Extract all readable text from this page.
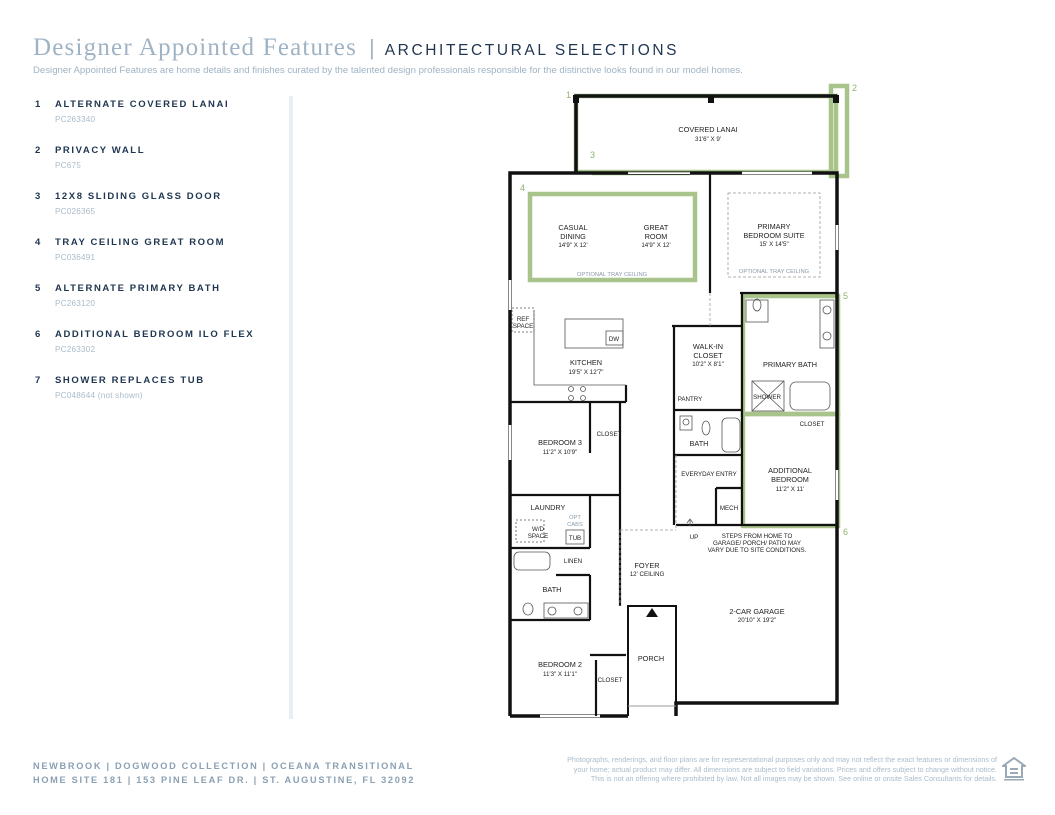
Designer Appointed Features | ARCHITECTURAL SELECTIONS
Designer Appointed Features are home details and finishes curated by the talented design professionals responsible for the distinctive looks found in our model homes.
1	ALTERNATE COVERED LANAI
PC263340
2	PRIVACY WALL
PC675
3	12X8 SLIDING GLASS DOOR
PC026365
4	TRAY CEILING GREAT ROOM
PC036491
5	ALTERNATE PRIMARY BATH
PC263120
6	ADDITIONAL BEDROOM ILO FLEX
PC263302
7	SHOWER REPLACES TUB
PC048644 (not shown)
1
2
3
4
5
6
COVERED LANAI
31'6" X 9'
CASUAL
DINING
14'9" X 12'
GREAT
ROOM
14'9" X 12'
OPTIONAL TRAY CEILING
PRIMARY
BEDROOM SUITE
15' X 14'5"
OPTIONAL TRAY CEILING
REF
SPACE
DW
KITCHEN
19'5" X 12'7"
WALK-IN
CLOSET
10'2" X 8'1"	PRIMARY BATH
SHOWER
PANTRY
BEDROOM 3
11'2" X 10'9"
CLOSET
BATH
CLOSET
ADDITIONAL
BEDROOM
11'2" X 11'
EVERYDAY ENTRY
LAUNDRY
W/D
SPACE
OPT
CABS
TUB
MECH
UP	STEPS FROM HOME TO
GARAGE/ PORCH/ PATIO MAY
VARY DUE TO SITE CONDITIONS.
LINEN	FOYER
12' CEILING
BATH
2-CAR GARAGE
20'10" X 19'2"
PORCH
BEDROOM 2
11'3" X 11'1"
CLOSET
NEWBROOK | DOGWOOD COLLECTION | OCEANA TRANSITIONAL
HOME SITE 181 | 153 PINE LEAF DR. | ST. AUGUSTINE, FL 32092
Photographs, renderings, and floor plans are for representational purposes only and may not reflect the exact features or dimensions of
your home; actual product may differ. All dimensions are subject to field variations. Prices and offers subject to change without notice.
This is not an offering where prohibited by law. Not all images may be shown. See online or onsite Sales Consultants for details.
